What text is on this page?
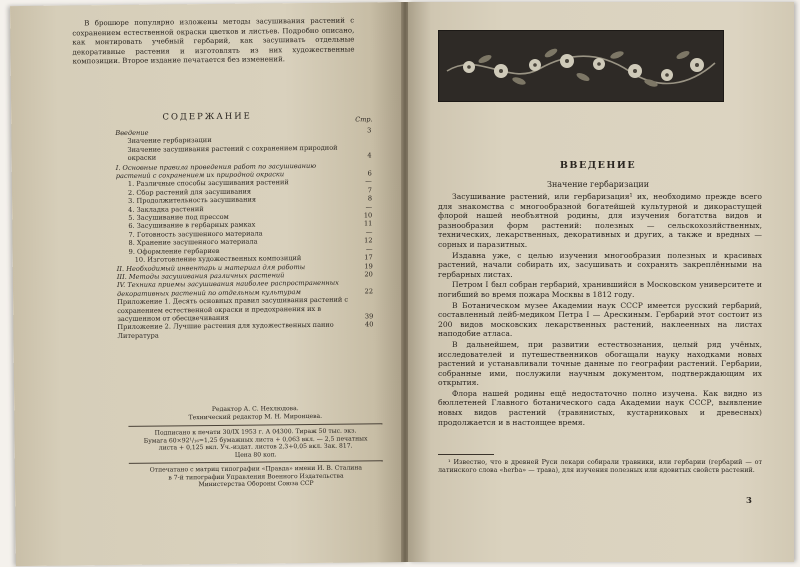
В брошюре популярно изложены методы засушивания растений с сохранением естественной окраски цветков и листьев. Подробно описано, как монтировать учебный гербарий, как засушивать отдельные декоративные растения и изготовлять из них художественные композиции. Второе издание печатается без изменений.

СОДЕРЖАНИЕ	Стр.
Введение	3
Значение гербаризации
Значение засушивания растений с сохранением природной окраски	4
I. Основные правила проведения работ по засушиванию растений с сохранением их природной окраски	6
1. Различные способы засушивания растений	—
2. Сбор растений для засушивания	7
3. Продолжительность засушивания	8
4. Закладка растений	—
5. Засушивание под прессом	10
6. Засушивание в гербарных рамках	11
7. Готовность засушенного материала	—
8. Хранение засушенного материала	12
9. Оформление гербариев	—
10. Изготовление художественных композиций	17
II. Необходимый инвентарь и материал для работы	19
III. Методы засушивания различных растений	20
IV. Техника приемы засушивания наиболее распространенных декоративных растений по отдельным культурам	22
Приложение 1. Десять основных правил засушивания растений с сохранением естественной окраски и предохранения их в засушенном от обесцвечивания	39
Приложение 2. Лучшие растения для художественных панно	40
Литература
Редактор А. С. Нехлюдова.
Технический редактор М. Н. Миронцева.
Подписано к печати 30/IX 1953 г. А 04300. Тираж 50 тыс. экз.
Бумага 60×92¹/₁₆=1,25 бумажных листа + 0,063 вкл. — 2,5 печатных
листа + 0,125 вкл. Уч.-издат. листов 2,3+0,05 вкл. Зак. 817.
Цена 80 коп.
Отпечатано с матриц типографии «Правда» имени И. В. Сталина
в 7-й типографии Управления Военного Издательства
Министерства Обороны Союза ССР
ВВЕДЕНИЕ
Значение гербаризации

Засушивание растений, или гербаризация¹ их, необходимо прежде всего для знакомства с многообразной богатейшей культурной и дикорастущей флорой нашей необъятной родины, для изучения богатства видов и разнообразия форм растений: полезных — сельскохозяйственных, технических, лекарственных, декоративных и других, а также и вредных — сорных и паразитных.

Издавна уже, с целью изучения многообразия полезных и красивых растений, начали собирать их, засушивать и сохранять закреплёнными на гербарных листах.

Петром I был собран гербарий, хранившийся в Московском университете и погибший во время пожара Москвы в 1812 году.

В Ботаническом музее Академии наук СССР имеется русский гербарий, составленный лейб-медиком Петра I — Арескиным. Гербарий этот состоит из 200 видов московских лекарственных растений, наклеенных на листах наподобие атласа.

В дальнейшем, при развитии естествознания, целый ряд учёных, исследователей и путешественников обогащали науку находками новых растений и устанавливали точные данные по географии растений. Гербарии, собранные ими, послужили научным документом, подтверждающим их открытия.

Флора нашей родины ещё недостаточно полно изучена. Как видно из бюллетеней Главного ботанического сада Академии наук СССР, выявление новых видов растений (травянистых, кустарниковых и древесных) продолжается и в настоящее время.

¹ Известно, что в древней Руси лекари собирали травники, или гербарии (гербарий — от латинского слова «herba» — трава), для изучения полезных или ядовитых свойств растений.
3
